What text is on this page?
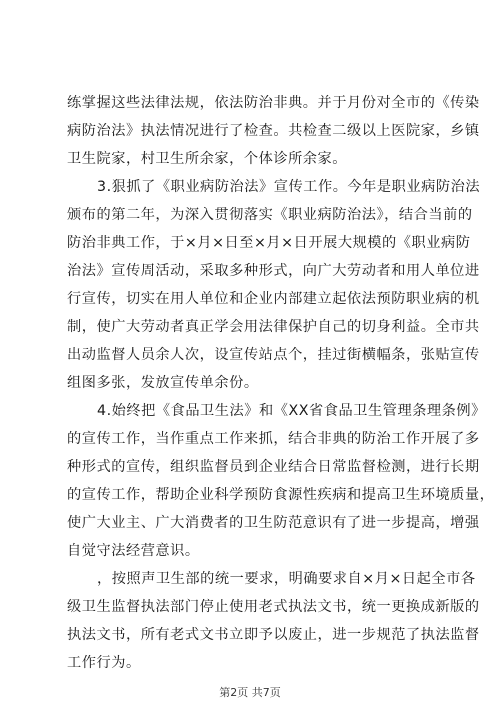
练掌握这些法律法规，依法防治非典。并于月份对全市的《传染
病防治法》执法情况进行了检查。共检查二级以上医院家，乡镇
卫生院家，村卫生所余家，个体诊所余家。
3.狠抓了《职业病防治法》宣传工作。今年是职业病防治法
颁布的第二年，为深入贯彻落实《职业病防治法》，结合当前的
防治非典工作，于×月×日至×月×日开展大规模的《职业病防
治法》宣传周活动，采取多种形式，向广大劳动者和用人单位进
行宣传，切实在用人单位和企业内部建立起依法预防职业病的机
制，使广大劳动者真正学会用法律保护自己的切身利益。全市共
出动监督人员余人次，设宣传站点个，挂过街横幅条，张贴宣传
组图多张，发放宣传单余份。
4.始终把《食品卫生法》和《XX省食品卫生管理条理条例》
的宣传工作，当作重点工作来抓，结合非典的防治工作开展了多
种形式的宣传，组织监督员到企业结合日常监督检测，进行长期
的宣传工作，帮助企业科学预防食源性疾病和提高卫生环境质量，
使广大业主、广大消费者的卫生防范意识有了进一步提高，增强
自觉守法经营意识。
，按照声卫生部的统一要求，明确要求自×月×日起全市各
级卫生监督执法部门停止使用老式执法文书，统一更换成新版的
执法文书，所有老式文书立即予以废止，进一步规范了执法监督
工作行为。
第2页 共7页
